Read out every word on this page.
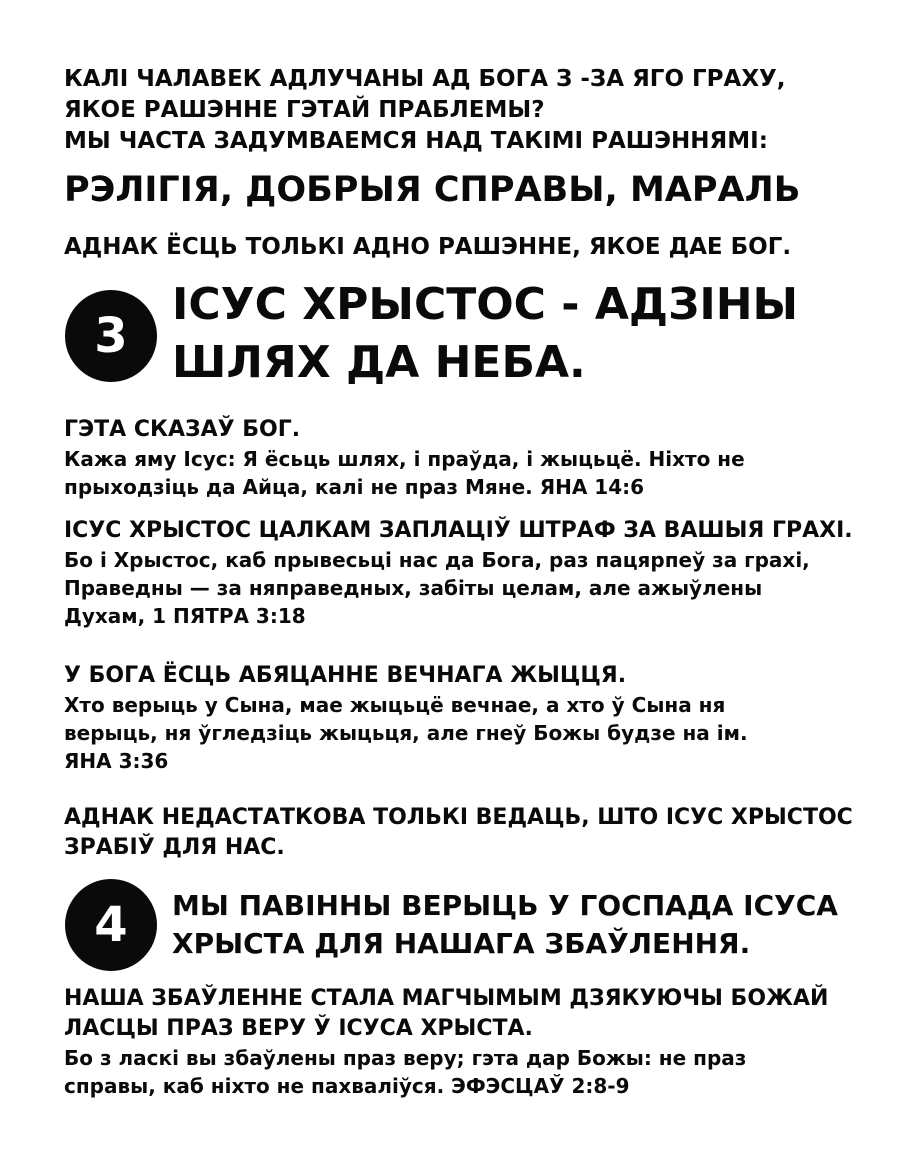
КАЛІ ЧАЛАВЕК АДЛУЧАНЫ АД БОГА З -ЗА ЯГО ГРАХУ,
ЯКОЕ РАШЭННЕ ГЭТАЙ ПРАБЛЕМЫ?
МЫ ЧАСТА ЗАДУМВАЕМСЯ НАД ТАКІМІ РАШЭННЯМІ:
РЭЛІГІЯ, ДОБРЫЯ СПРАВЫ, МАРАЛЬ
АДНАК ЁСЦЬ ТОЛЬКІ АДНО РАШЭННЕ, ЯКОЕ ДАЕ БОГ.
3
ІСУС ХРЫСТОС - АДЗІНЫ
ШЛЯХ ДА НЕБА.
ГЭТА СКАЗАЎ БОГ.
Кажа яму Ісус: Я ёсьць шлях, і праўда, і жыцьцё. Ніхто не
прыходзіць да Айца, калі не праз Мяне. ЯНА 14:6
ІСУС ХРЫСТОС ЦАЛКАМ ЗАПЛАЦІЎ ШТРАФ ЗА ВАШЫЯ ГРАХІ.
Бо і Хрыстос, каб прывесьці нас да Бога, раз пацярпеў за грахі,
Праведны — за няправедных, забіты целам, але ажыўлены
Духам, 1 ПЯТРА 3:18
У БОГА ЁСЦЬ АБЯЦАННЕ ВЕЧНАГА ЖЫЦЦЯ.
Хто верыць у Сына, мае жыцьцё вечнае, а хто ў Сына ня
верыць, ня ўгледзіць жыцьця, але гнеў Божы будзе на ім.
ЯНА 3:36
АДНАК НЕДАСТАТКОВА ТОЛЬКІ ВЕДАЦЬ, ШТО ІСУС ХРЫСТОС
ЗРАБІЎ ДЛЯ НАС.
4	МЫ ПАВІННЫ ВЕРЫЦЬ У ГОСПАДА ІСУСА
ХРЫСТА ДЛЯ НАШАГА ЗБАЎЛЕННЯ.
НАША ЗБАЎЛЕННЕ СТАЛА МАГЧЫМЫМ ДЗЯКУЮЧЫ БОЖАЙ
ЛАСЦЫ ПРАЗ ВЕРУ Ў ІСУСА ХРЫСТА.
Бо з ласкі вы збаўлены праз веру; гэта дар Божы: не праз
справы, каб ніхто не пахваліўся. ЭФЭСЦАЎ 2:8-9
